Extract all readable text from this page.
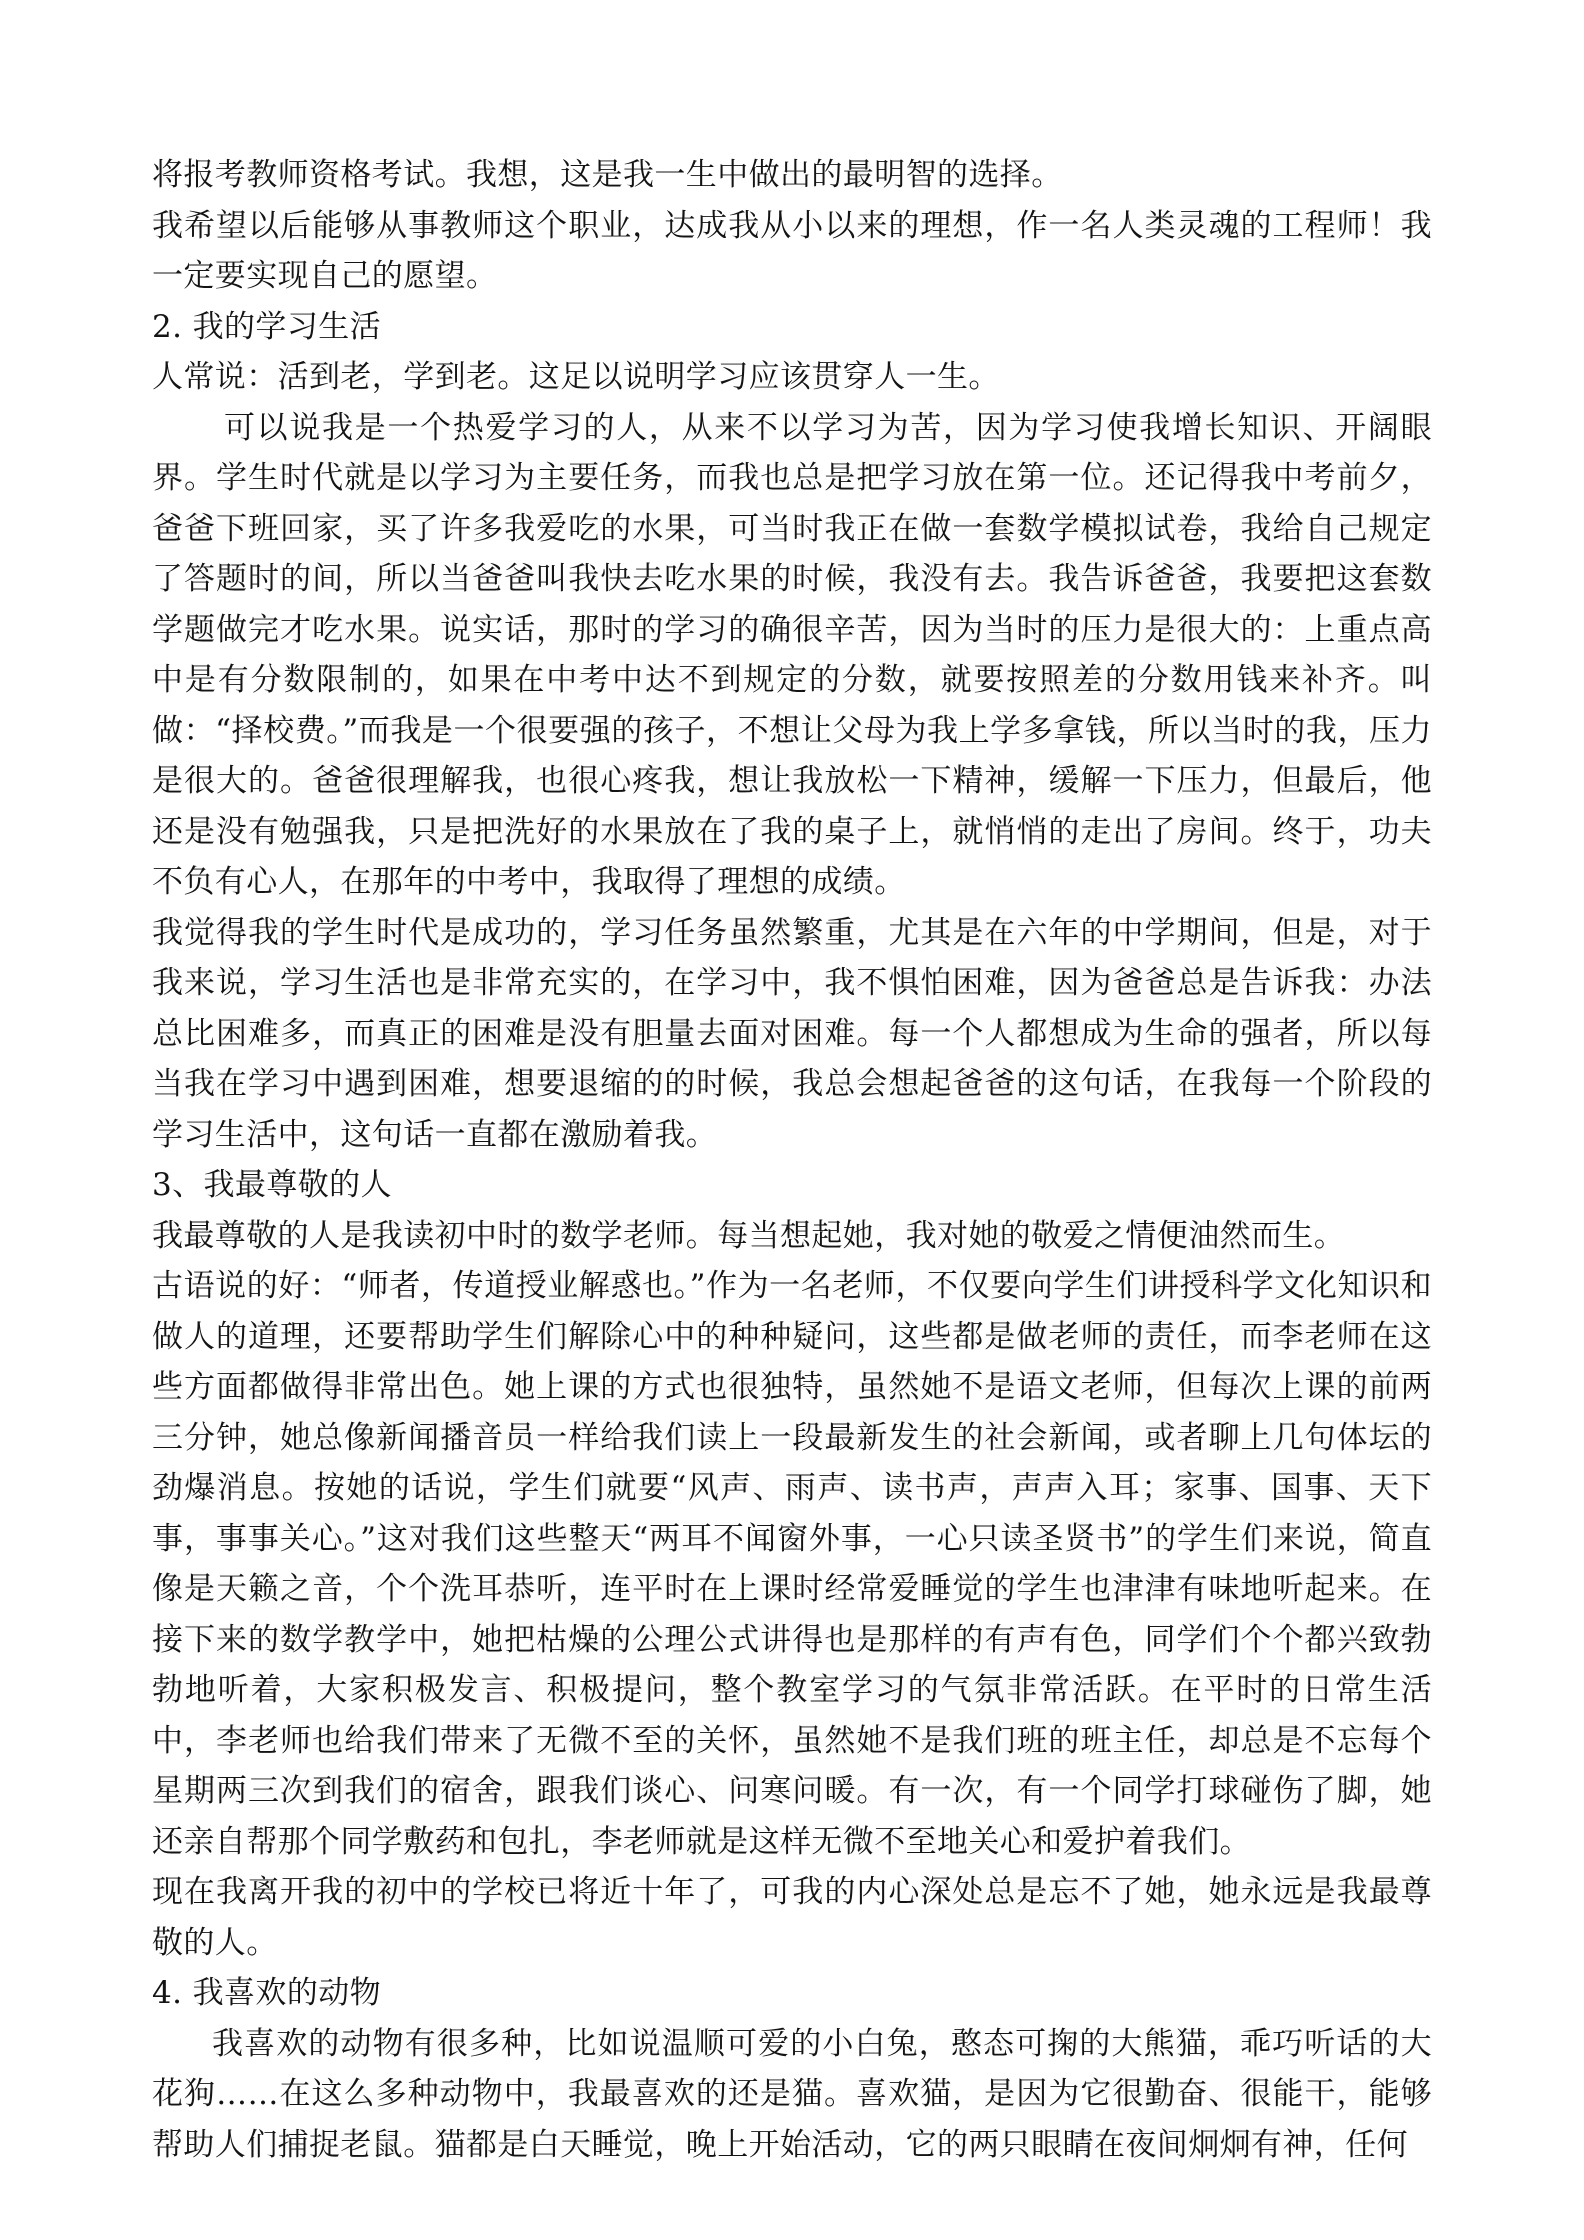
将报考教师资格考试。我想，这是我一生中做出的最明智的选择。

我希望以后能够从事教师这个职业，达成我从小以来的理想，作一名人类灵魂的工程师！我一定要实现自己的愿望。

2. 我的学习生活

人常说：活到老，学到老。这足以说明学习应该贯穿人一生。

可以说我是一个热爱学习的人，从来不以学习为苦，因为学习使我增长知识、开阔眼界。学生时代就是以学习为主要任务，而我也总是把学习放在第一位。还记得我中考前夕，爸爸下班回家，买了许多我爱吃的水果，可当时我正在做一套数学模拟试卷，我给自己规定了答题时的间，所以当爸爸叫我快去吃水果的时候，我没有去。我告诉爸爸，我要把这套数学题做完才吃水果。说实话，那时的学习的确很辛苦，因为当时的压力是很大的：上重点高中是有分数限制的，如果在中考中达不到规定的分数，就要按照差的分数用钱来补齐。叫做：“择校费。”而我是一个很要强的孩子，不想让父母为我上学多拿钱，所以当时的我，压力是很大的。爸爸很理解我，也很心疼我，想让我放松一下精神，缓解一下压力，但最后，他还是没有勉强我，只是把洗好的水果放在了我的桌子上，就悄悄的走出了房间。终于，功夫不负有心人，在那年的中考中，我取得了理想的成绩。

我觉得我的学生时代是成功的，学习任务虽然繁重，尤其是在六年的中学期间，但是，对于我来说，学习生活也是非常充实的，在学习中，我不惧怕困难，因为爸爸总是告诉我：办法总比困难多，而真正的困难是没有胆量去面对困难。每一个人都想成为生命的强者，所以每当我在学习中遇到困难，想要退缩的的时候，我总会想起爸爸的这句话，在我每一个阶段的学习生活中，这句话一直都在激励着我。

3、我最尊敬的人

我最尊敬的人是我读初中时的数学老师。每当想起她，我对她的敬爱之情便油然而生。

古语说的好：“师者，传道授业解惑也。”作为一名老师，不仅要向学生们讲授科学文化知识和做人的道理，还要帮助学生们解除心中的种种疑问，这些都是做老师的责任，而李老师在这些方面都做得非常出色。她上课的方式也很独特，虽然她不是语文老师，但每次上课的前两三分钟，她总像新闻播音员一样给我们读上一段最新发生的社会新闻，或者聊上几句体坛的劲爆消息。按她的话说，学生们就要“风声、雨声、读书声，声声入耳；家事、国事、天下事，事事关心。”这对我们这些整天“两耳不闻窗外事，一心只读圣贤书”的学生们来说，简直像是天籁之音，个个洗耳恭听，连平时在上课时经常爱睡觉的学生也津津有味地听起来。在接下来的数学教学中，她把枯燥的公理公式讲得也是那样的有声有色，同学们个个都兴致勃勃地听着，大家积极发言、积极提问，整个教室学习的气氛非常活跃。在平时的日常生活中，李老师也给我们带来了无微不至的关怀，虽然她不是我们班的班主任，却总是不忘每个星期两三次到我们的宿舍，跟我们谈心、问寒问暖。有一次，有一个同学打球碰伤了脚，她还亲自帮那个同学敷药和包扎，李老师就是这样无微不至地关心和爱护着我们。

现在我离开我的初中的学校已将近十年了，可我的内心深处总是忘不了她，她永远是我最尊敬的人。

4. 我喜欢的动物

我喜欢的动物有很多种，比如说温顺可爱的小白兔，憨态可掬的大熊猫，乖巧听话的大花狗……在这么多种动物中，我最喜欢的还是猫。喜欢猫，是因为它很勤奋、很能干，能够帮助人们捕捉老鼠。猫都是白天睡觉，晚上开始活动，它的两只眼睛在夜间炯炯有神，任何
